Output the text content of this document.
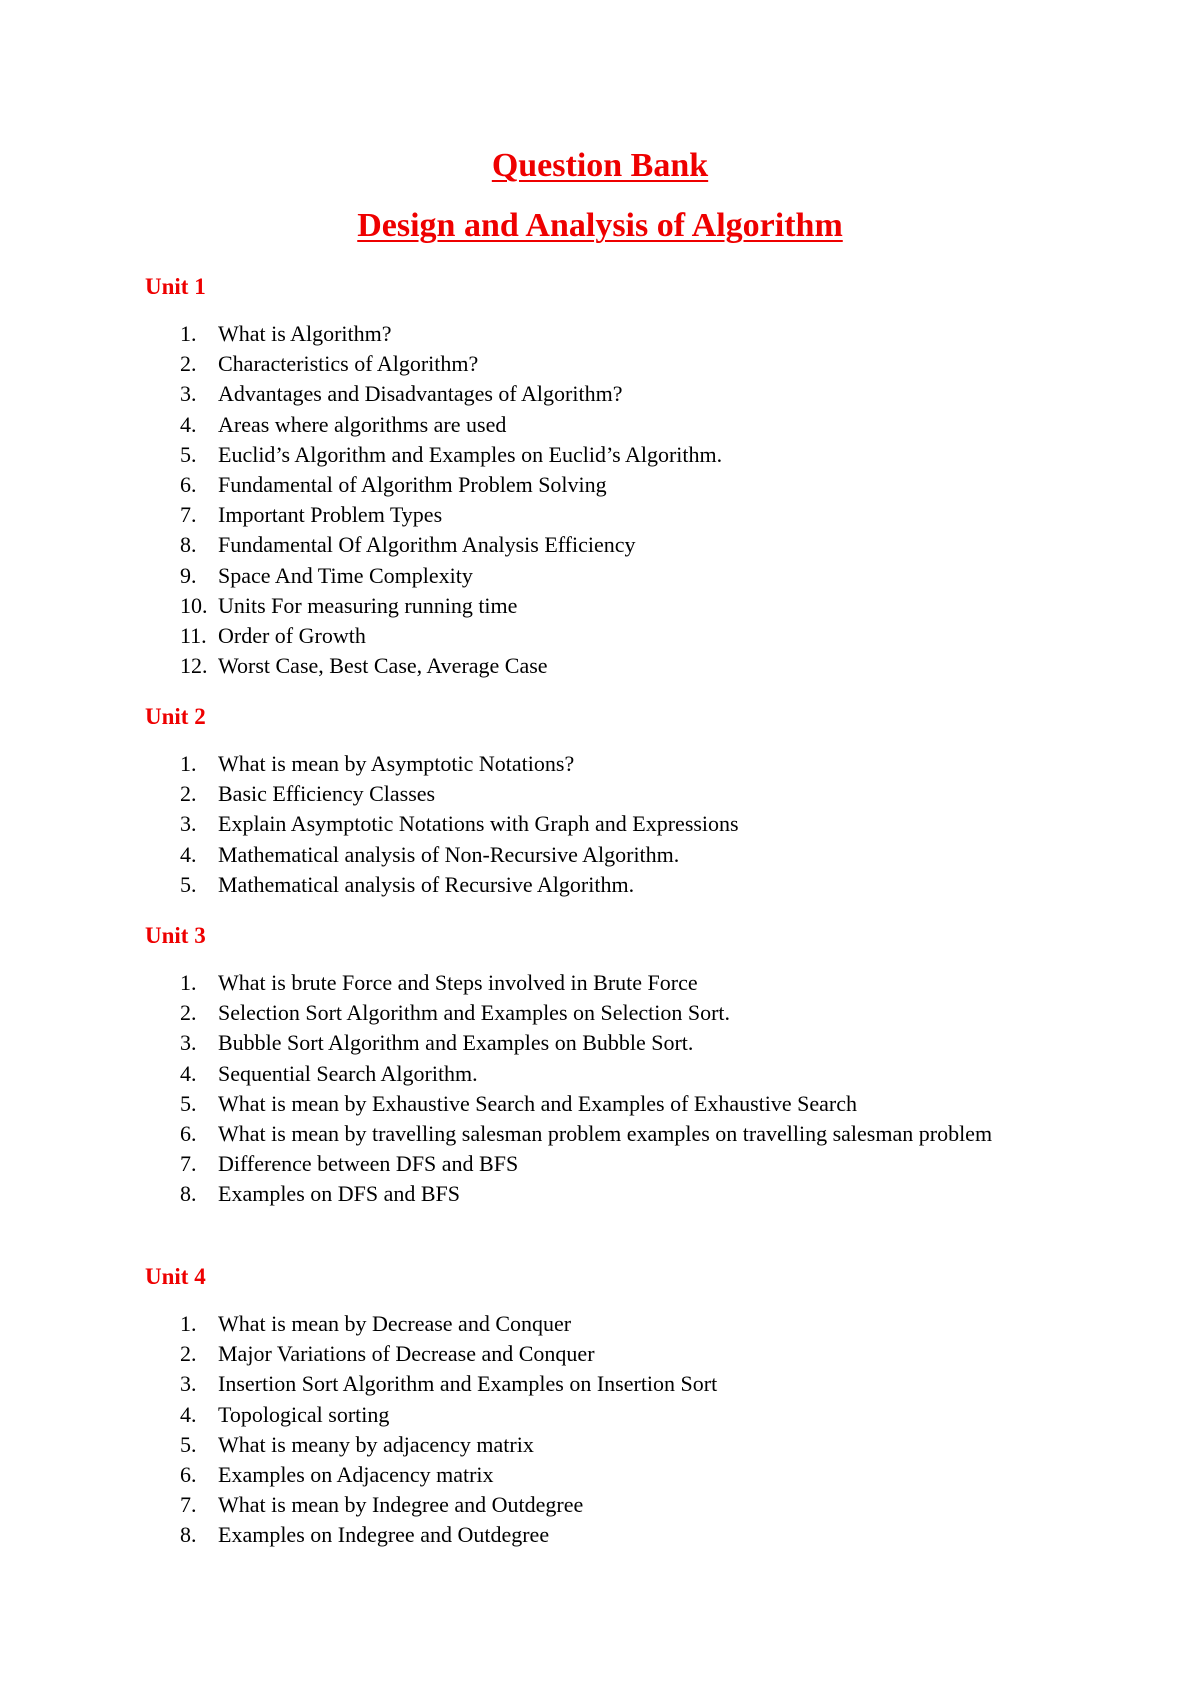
Question Bank
Design and Analysis of Algorithm
Unit 1
1. What is Algorithm?
2. Characteristics of Algorithm?
3. Advantages and Disadvantages of Algorithm?
4. Areas where algorithms are used
5. Euclid’s Algorithm and Examples on Euclid’s Algorithm.
6. Fundamental of Algorithm Problem Solving
7. Important Problem Types
8. Fundamental Of Algorithm Analysis Efficiency
9. Space And Time Complexity
10. Units For measuring running time
11. Order of Growth
12. Worst Case, Best Case, Average Case
Unit 2
1. What is mean by Asymptotic Notations?
2. Basic Efficiency Classes
3. Explain Asymptotic Notations with Graph and Expressions
4. Mathematical analysis of Non-Recursive Algorithm.
5. Mathematical analysis of Recursive Algorithm.
Unit 3
1. What is brute Force and Steps involved in Brute Force
2. Selection Sort Algorithm and Examples on Selection Sort.
3. Bubble Sort Algorithm and Examples on Bubble Sort.
4. Sequential Search Algorithm.
5. What is mean by Exhaustive Search and Examples of Exhaustive Search
6. What is mean by travelling salesman problem examples on travelling salesman problem
7. Difference between DFS and BFS
8. Examples on DFS and BFS
Unit 4
1. What is mean by Decrease and Conquer
2. Major Variations of Decrease and Conquer
3. Insertion Sort Algorithm and Examples on Insertion Sort
4. Topological sorting
5. What is meany by adjacency matrix
6. Examples on Adjacency matrix
7. What is mean by Indegree and Outdegree
8. Examples on Indegree and Outdegree
